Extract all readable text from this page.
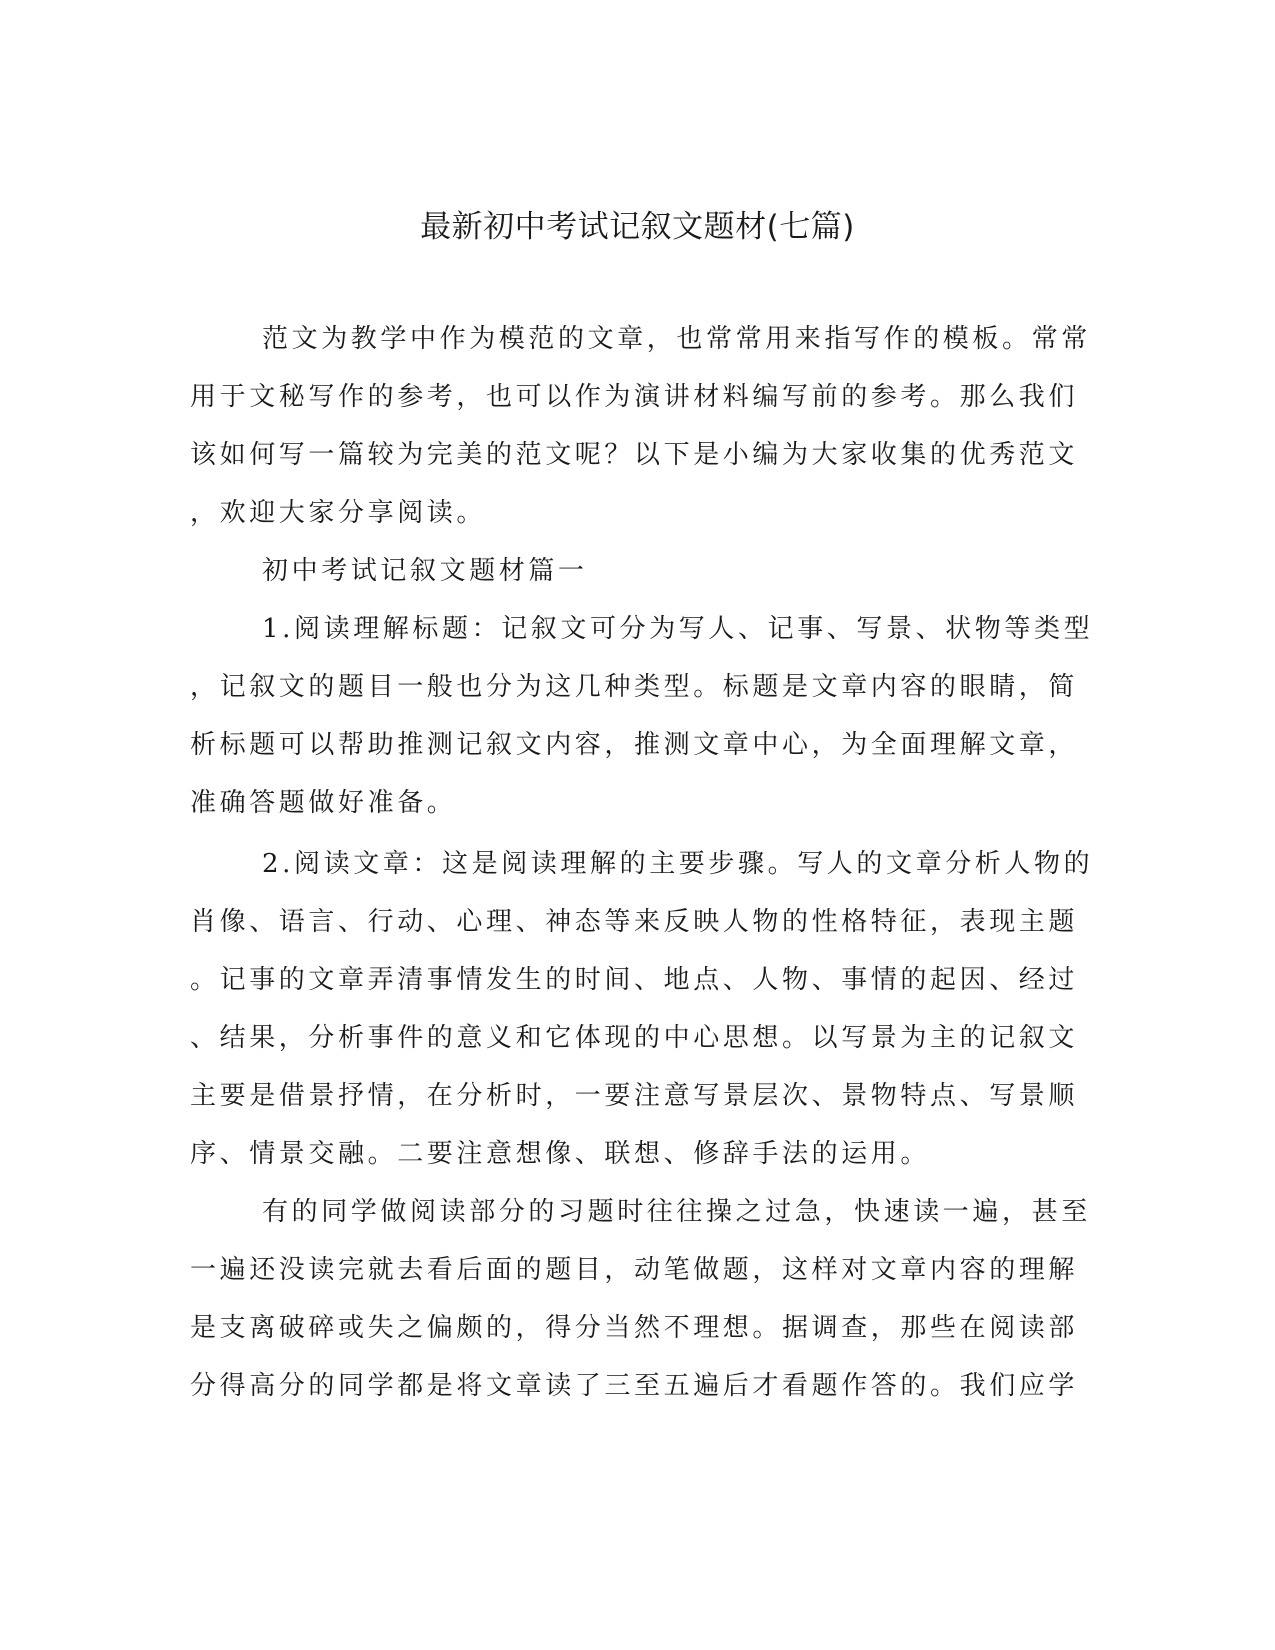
最新初中考试记叙文题材(七篇)
范文为教学中作为模范的文章，也常常用来指写作的模板。常常
用于文秘写作的参考，也可以作为演讲材料编写前的参考。那么我们
该如何写一篇较为完美的范文呢？以下是小编为大家收集的优秀范文
，欢迎大家分享阅读。
初中考试记叙文题材篇一
1.阅读理解标题：记叙文可分为写人、记事、写景、状物等类型
，记叙文的题目一般也分为这几种类型。标题是文章内容的眼睛，简
析标题可以帮助推测记叙文内容，推测文章中心，为全面理解文章，
准确答题做好准备。
2.阅读文章：这是阅读理解的主要步骤。写人的文章分析人物的
肖像、语言、行动、心理、神态等来反映人物的性格特征，表现主题
。记事的文章弄清事情发生的时间、地点、人物、事情的起因、经过
、结果，分析事件的意义和它体现的中心思想。以写景为主的记叙文
主要是借景抒情，在分析时，一要注意写景层次、景物特点、写景顺
序、情景交融。二要注意想像、联想、修辞手法的运用。
有的同学做阅读部分的习题时往往操之过急，快速读一遍，甚至
一遍还没读完就去看后面的题目，动笔做题，这样对文章内容的理解
是支离破碎或失之偏颇的，得分当然不理想。据调查，那些在阅读部
分得高分的同学都是将文章读了三至五遍后才看题作答的。我们应学
